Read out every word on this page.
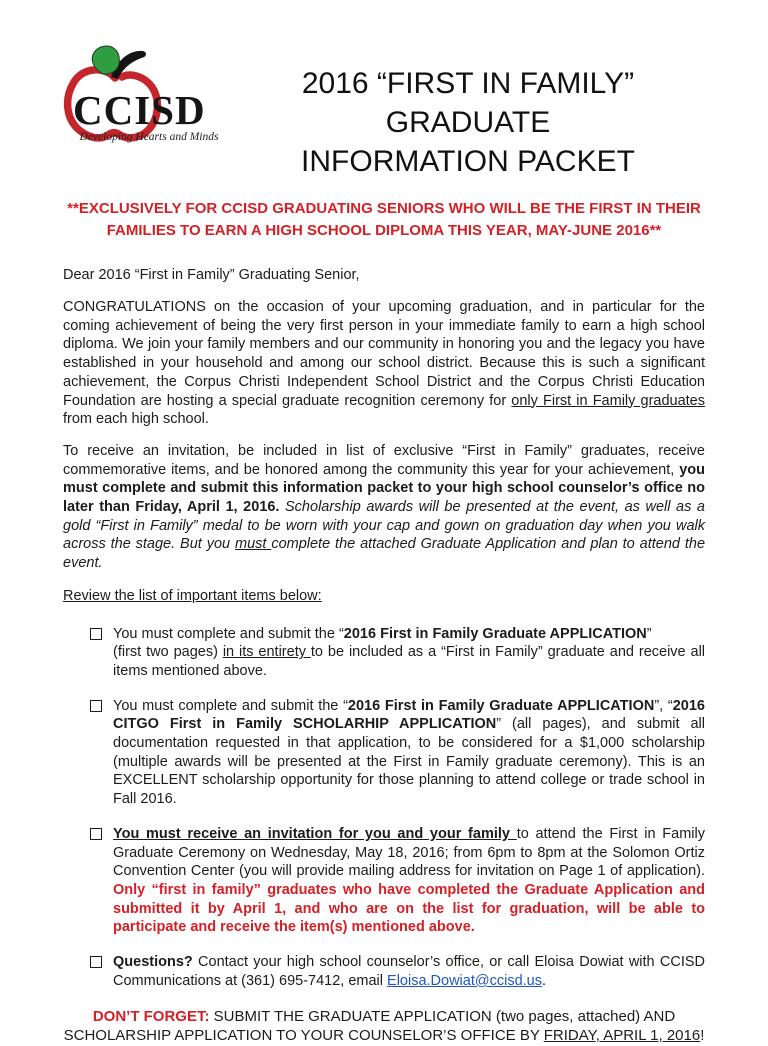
CCISD
Developing Hearts and Minds
2016 “FIRST IN FAMILY” GRADUATE
INFORMATION PACKET

**EXCLUSIVELY FOR CCISD GRADUATING SENIORS WHO WILL BE THE FIRST IN THEIR
FAMILIES TO EARN A HIGH SCHOOL DIPLOMA THIS YEAR, MAY-JUNE 2016**

Dear 2016 “First in Family” Graduating Senior,

CONGRATULATIONS on the occasion of your upcoming graduation, and in particular for the coming achievement of being the very first person in your immediate family to earn a high school diploma. We join your family members and our community in honoring you and the legacy you have established in your household and among our school district. Because this is such a significant achievement, the Corpus Christi Independent School District and the Corpus Christi Education Foundation are hosting a special graduate recognition ceremony for only First in Family graduates from each high school.

To receive an invitation, be included in list of exclusive “First in Family” graduates, receive commemorative items, and be honored among the community this year for your achievement, you must complete and submit this information packet to your high school counselor’s office no later than Friday, April 1, 2016. Scholarship awards will be presented at the event, as well as a gold “First in Family” medal to be worn with your cap and gown on graduation day when you walk across the stage. But you must complete the attached Graduate Application and plan to attend the event.

Review the list of important items below:

You must complete and submit the “2016 First in Family Graduate APPLICATION”
(first two pages) in its entirety to be included as a “First in Family” graduate and receive all items mentioned above.
You must complete and submit the “2016 First in Family Graduate APPLICATION”, “2016 CITGO First in Family SCHOLARHIP APPLICATION” (all pages), and submit all documentation requested in that application, to be considered for a $1,000 scholarship (multiple awards will be presented at the First in Family graduate ceremony). This is an EXCELLENT scholarship opportunity for those planning to attend college or trade school in Fall 2016.
You must receive an invitation for you and your family to attend the First in Family Graduate Ceremony on Wednesday, May 18, 2016; from 6pm to 8pm at the Solomon Ortiz Convention Center (you will provide mailing address for invitation on Page 1 of application). Only “first in family” graduates who have completed the Graduate Application and submitted it by April 1, and who are on the list for graduation, will be able to participate and receive the item(s) mentioned above.
Questions? Contact your high school counselor’s office, or call Eloisa Dowiat with CCISD Communications at (361) 695-7412, email Eloisa.Dowiat@ccisd.us.

DON’T FORGET: SUBMIT THE GRADUATE APPLICATION (two pages, attached) AND
SCHOLARSHIP APPLICATION TO YOUR COUNSELOR’S OFFICE BY FRIDAY, APRIL 1, 2016!
